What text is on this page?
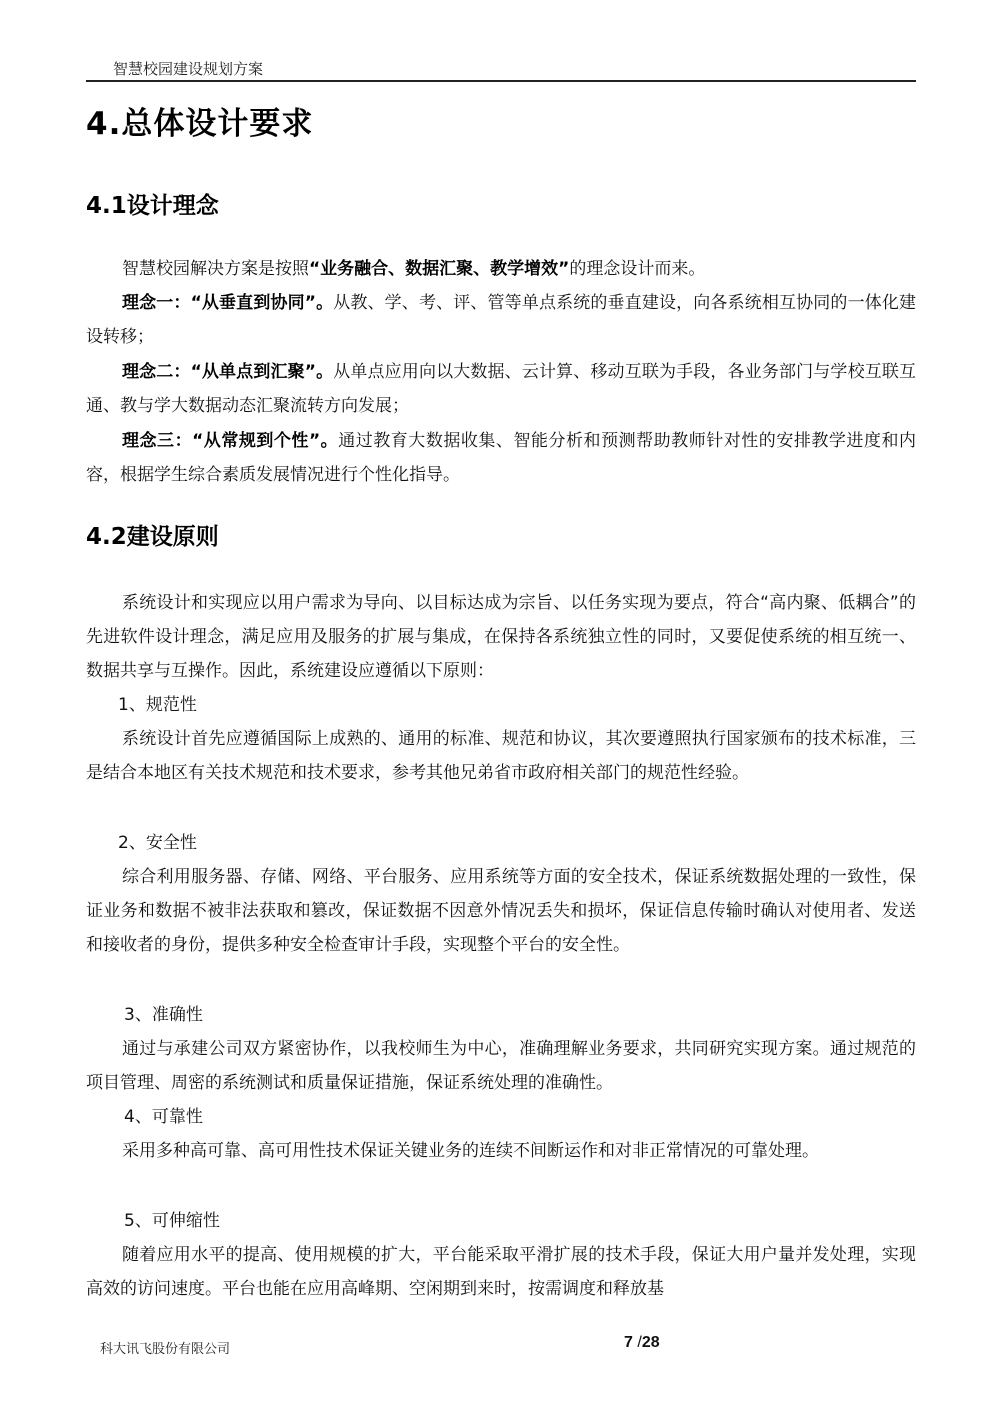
智慧校园建设规划方案
4.总体设计要求
4.1设计理念

智慧校园解决方案是按照“业务融合、数据汇聚、教学增效”的理念设计而来。

理念一：“从垂直到协同”。从教、学、考、评、管等单点系统的垂直建设，向各系统相互协同的一体化建设转移；

理念二：“从单点到汇聚”。从单点应用向以大数据、云计算、移动互联为手段，各业务部门与学校互联互通、教与学大数据动态汇聚流转方向发展；

理念三：“从常规到个性”。通过教育大数据收集、智能分析和预测帮助教师针对性的安排教学进度和内容，根据学生综合素质发展情况进行个性化指导。

4.2建设原则

系统设计和实现应以用户需求为导向、以目标达成为宗旨、以任务实现为要点，符合“高内聚、低耦合”的先进软件设计理念，满足应用及服务的扩展与集成，在保持各系统独立性的同时，又要促使系统的相互统一、数据共享与互操作。因此，系统建设应遵循以下原则：

1、规范性

系统设计首先应遵循国际上成熟的、通用的标准、规范和协议，其次要遵照执行国家颁布的技术标准，三是结合本地区有关技术规范和技术要求，参考其他兄弟省市政府相关部门的规范性经验。

2、安全性

综合利用服务器、存储、网络、平台服务、应用系统等方面的安全技术，保证系统数据处理的一致性，保证业务和数据不被非法获取和篡改，保证数据不因意外情况丢失和损坏，保证信息传输时确认对使用者、发送和接收者的身份，提供多种安全检查审计手段，实现整个平台的安全性。

3、准确性

通过与承建公司双方紧密协作，以我校师生为中心，准确理解业务要求，共同研究实现方案。通过规范的项目管理、周密的系统测试和质量保证措施，保证系统处理的准确性。

4、可靠性

采用多种高可靠、高可用性技术保证关键业务的连续不间断运作和对非正常情况的可靠处理。

5、可伸缩性

随着应用水平的提高、使用规模的扩大，平台能采取平滑扩展的技术手段，保证大用户量并发处理，实现高效的访问速度。平台也能在应用高峰期、空闲期到来时，按需调度和释放基

科大讯飞股份有限公司	7 /28
